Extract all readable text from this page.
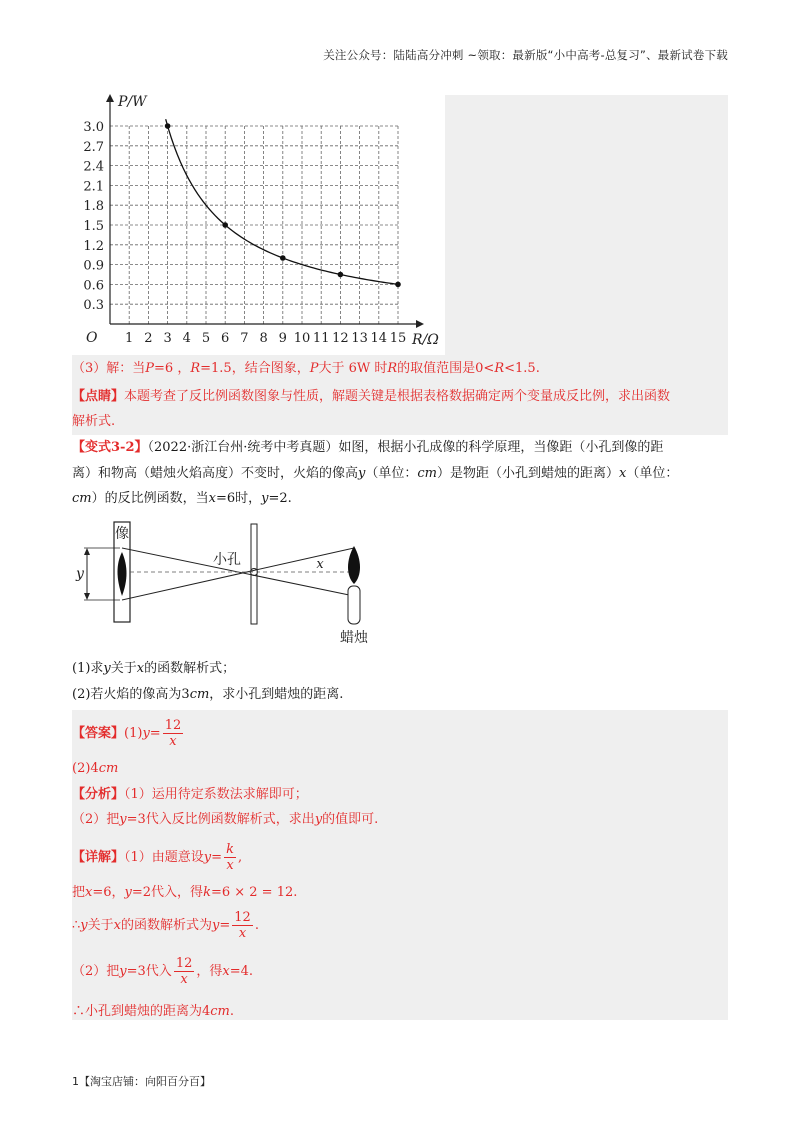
关注公众号：陆陆高分冲刺 ~领取：最新版“小中高考-总复习”、最新试卷下载
1 2 3 4 5 6 7 8 9 10 11 12 13 14 15
0.3
0.6
0.9
1.2
1.5
1.8
2.1
2.4
2.7
3.0
P/W
R/Ω
O
（3）解：当P=6 ，R=1.5，结合图象，P大于 6W 时R的取值范围是0<R<1.5.
【点睛】本题考查了反比例函数图象与性质，解题关键是根据表格数据确定两个变量成反比例，求出函数
解析式.
【变式3-2】（2022·浙江台州·统考中考真题）如图，根据小孔成像的科学原理，当像距（小孔到像的距
离）和物高（蜡烛火焰高度）不变时，火焰的像高y（单位：cm）是物距（小孔到蜡烛的距离）x（单位：
cm）的反比例函数，当x=6时，y=2.
像
y
小孔	x
蜡烛
(1)求y关于x的函数解析式；
(2)若火焰的像高为3cm，求小孔到蜡烛的距离.
【答案】$(1)y= \frac{12}{x}$
(2)4cm
【分析】（1）运用待定系数法求解即可；
（2）把y=3代入反比例函数解析式，求出y的值即可.
【详解】（1）由题意设$y= \frac{k}{x}$ ,
把x=6，y=2代入，得k=6 × 2 = 12.
∴y关于x的函数解析式为$y= \frac{12}{x}$ .
（2）把y=3代入 $\frac{12}{x}$ ，得x=4.
∴小孔到蜡烛的距离为4cm.
1【淘宝店铺：向阳百分百】
